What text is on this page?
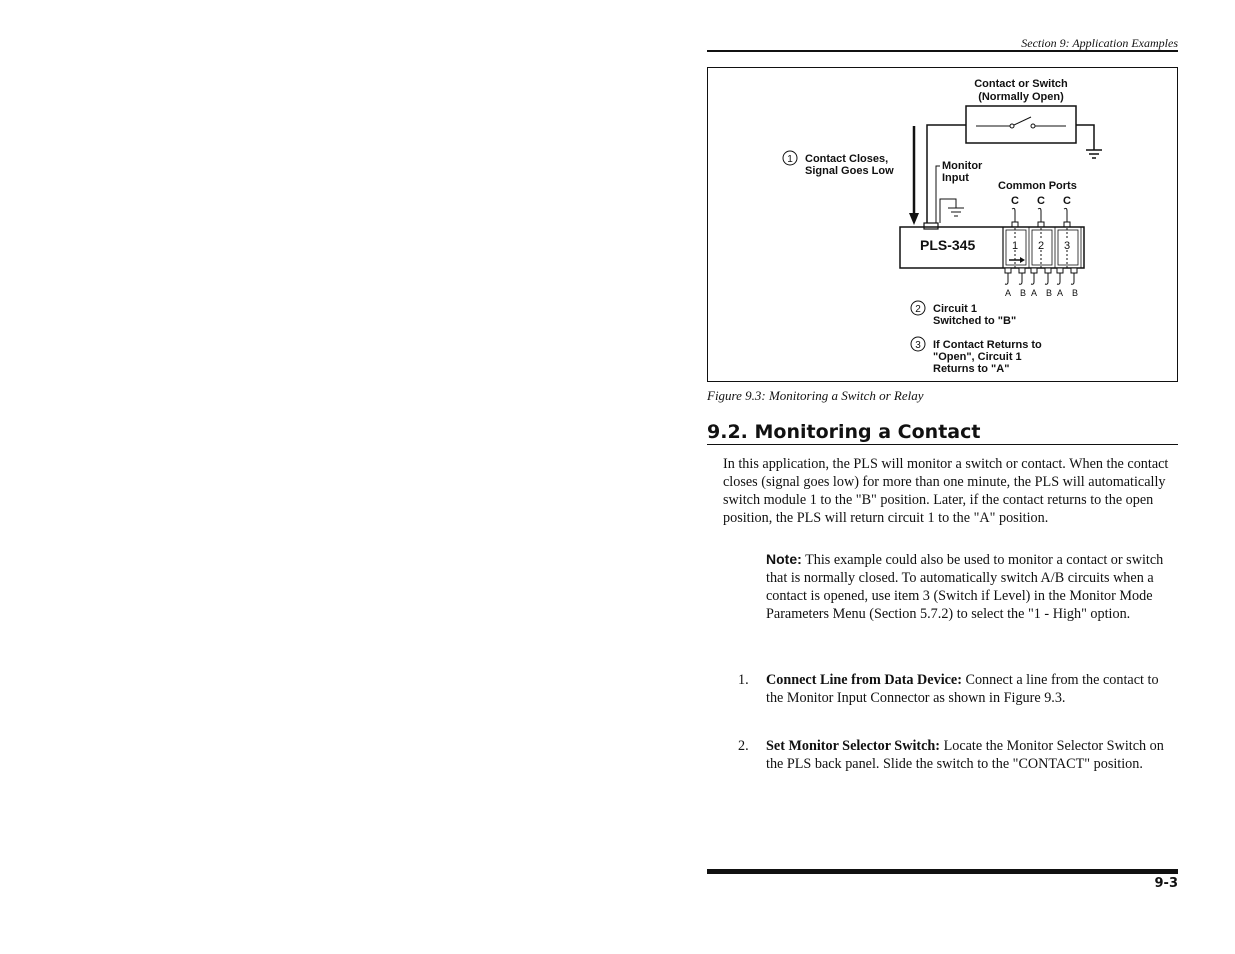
Section 9: Application Examples
Contact or Switch
(Normally Open)
1 Contact Closes,
Signal Goes Low	Monitor
Input
Common Ports
C C C
PLS-345	1 2 3
A B A B A B
2 Circuit 1
Switched to "B"
3 If Contact Returns to
"Open", Circuit 1
Returns to "A"
Figure 9.3: Monitoring a Switch or Relay
9.2. Monitoring a Contact
In this application, the PLS will monitor a switch or contact. When the contact closes (signal goes low) for more than one minute, the PLS will automatically switch module 1 to the "B" position. Later, if the contact returns to the open position, the PLS will return circuit 1 to the "A" position.
Note: This example could also be used to monitor a contact or switch that is normally closed. To automatically switch A/B circuits when a contact is opened, use item 3 (Switch if Level) in the Monitor Mode Parameters Menu (Section 5.7.2) to select the "1 - High" option.
1.	Connect Line from Data Device: Connect a line from the contact to the Monitor Input Connector as shown in Figure 9.3.
2.	Set Monitor Selector Switch: Locate the Monitor Selector Switch on the PLS back panel. Slide the switch to the "CONTACT" position.
9-3
